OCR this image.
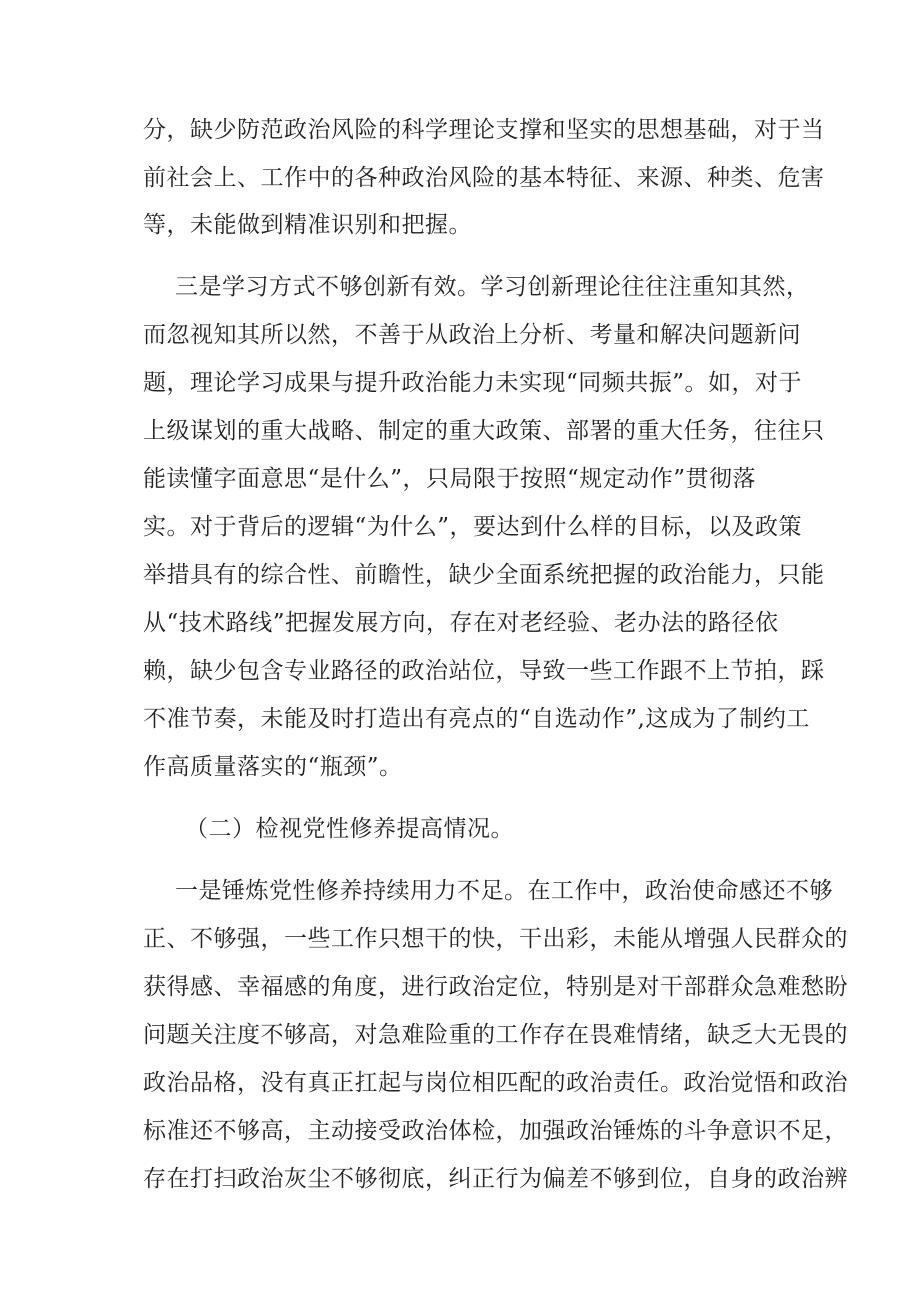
分，缺少防范政治风险的科学理论支撑和坚实的思想基础，对于当
前社会上、工作中的各种政治风险的基本特征、来源、种类、危害
等，未能做到精准识别和把握。
三是学习方式不够创新有效。学习创新理论往往注重知其然，
而忽视知其所以然，不善于从政治上分析、考量和解决问题新问
题，理论学习成果与提升政治能力未实现“同频共振”。如，对于
上级谋划的重大战略、制定的重大政策、部署的重大任务，往往只
能读懂字面意思“是什么”，只局限于按照“规定动作”贯彻落
实。对于背后的逻辑“为什么”，要达到什么样的目标，以及政策
举措具有的综合性、前瞻性，缺少全面系统把握的政治能力，只能
从“技术路线”把握发展方向，存在对老经验、老办法的路径依
赖，缺少包含专业路径的政治站位，导致一些工作跟不上节拍，踩
不准节奏，未能及时打造出有亮点的“自选动作”,这成为了制约工
作高质量落实的“瓶颈”。
（二）检视党性修养提高情况。
一是锤炼党性修养持续用力不足。在工作中，政治使命感还不够
正、不够强，一些工作只想干的快，干出彩，未能从增强人民群众的
获得感、幸福感的角度，进行政治定位，特别是对干部群众急难愁盼
问题关注度不够高，对急难险重的工作存在畏难情绪，缺乏大无畏的
政治品格，没有真正扛起与岗位相匹配的政治责任。政治觉悟和政治
标准还不够高，主动接受政治体检，加强政治锤炼的斗争意识不足，
存在打扫政治灰尘不够彻底，纠正行为偏差不够到位，自身的政治辨
